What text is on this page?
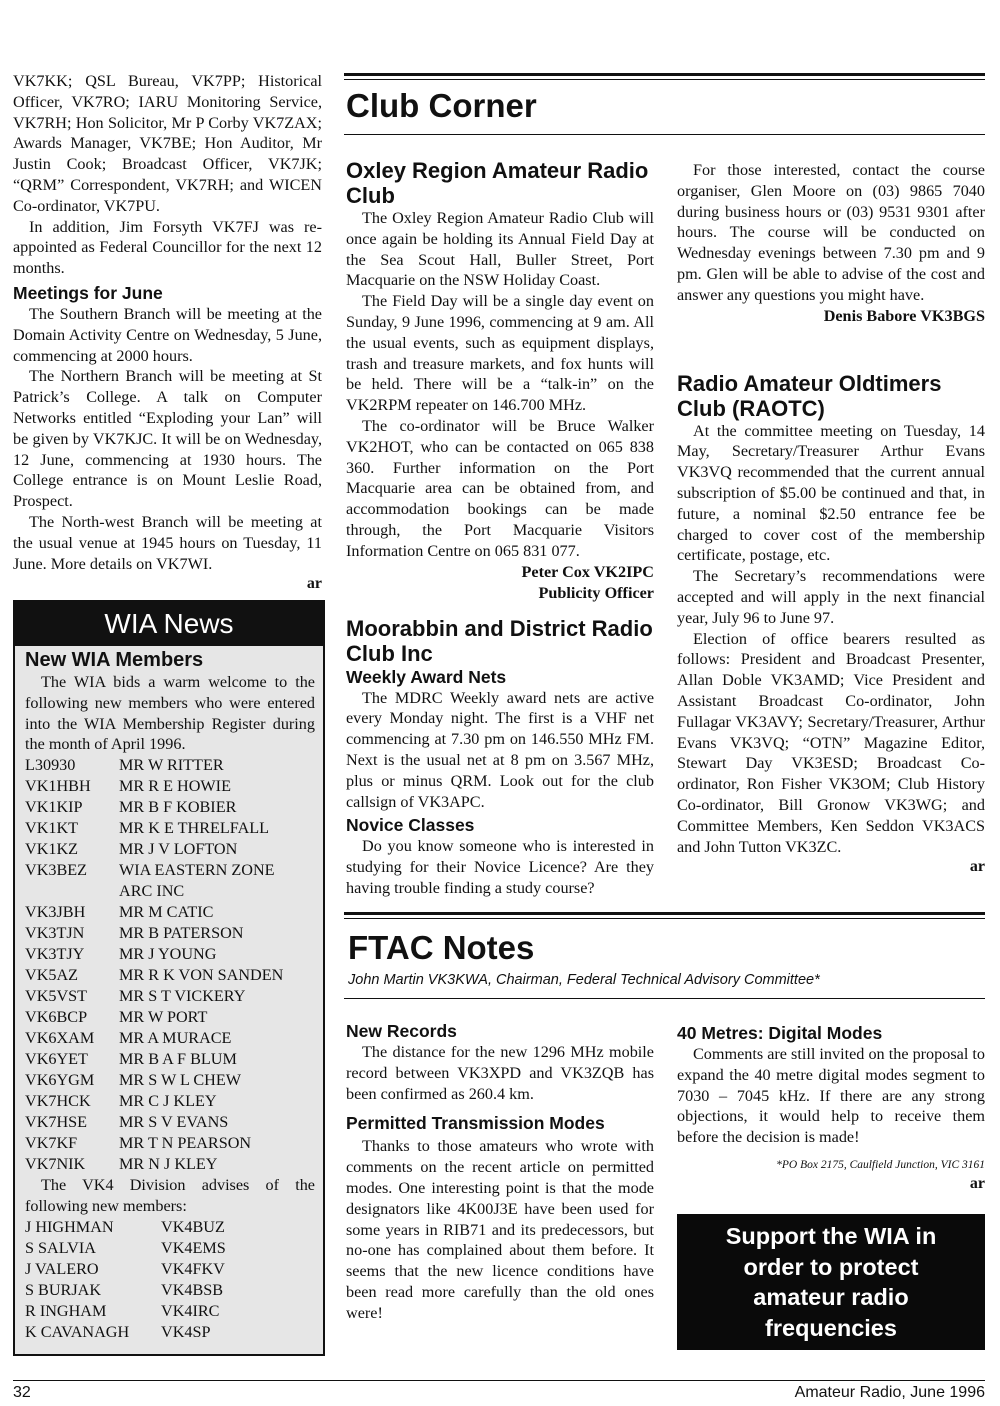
VK7KK; QSL Bureau, VK7PP; Historical Officer, VK7RO; IARU Monitoring Service, VK7RH; Hon Solicitor, Mr P Corby VK7ZAX; Awards Manager, VK7BE; Hon Auditor, Mr Justin Cook; Broadcast Officer, VK7JK; “QRM” Correspondent, VK7RH; and WICEN Co-ordinator, VK7PU.

In addition, Jim Forsyth VK7FJ was re-appointed as Federal Councillor for the next 12 months.

Meetings for June

The Southern Branch will be meeting at the Domain Activity Centre on Wednesday, 5 June, commencing at 2000 hours.

The Northern Branch will be meeting at St Patrick’s College. A talk on Computer Networks entitled “Exploding your Lan” will be given by VK7KJC. It will be on Wednesday, 12 June, commencing at 1930 hours. The College entrance is on Mount Leslie Road, Prospect.

The North-west Branch will be meeting at the usual venue at 1945 hours on Tuesday, 11 June. More details on VK7WI.

ar
WIA News
New WIA Members

The WIA bids a warm welcome to the following new members who were entered into the WIA Membership Register during the month of April 1996.

L30930	MR W RITTER
VK1HBH	MR R E HOWIE
VK1KIP	MR B F KOBIER
VK1KT	MR K E THRELFALL
VK1KZ	MR J V LOFTON
VK3BEZ	WIA EASTERN ZONE
ARC INC
VK3JBH	MR M CATIC
VK3TJN	MR B PATERSON
VK3TJY	MR J YOUNG
VK5AZ	MR R K VON SANDEN
VK5VST	MR S T VICKERY
VK6BCP	MR W PORT
VK6XAM	MR A MURACE
VK6YET	MR B A F BLUM
VK6YGM	MR S W L CHEW
VK7HCK	MR C J KLEY
VK7HSE	MR S V EVANS
VK7KF	MR T N PEARSON
VK7NIK	MR N J KLEY

The VK4 Division advises of the following new members:

J HIGHMAN	VK4BUZ
S SALVIA	VK4EMS
J VALERO	VK4FKV
S BURJAK	VK4BSB
R INGHAM	VK4IRC
K CAVANAGH	VK4SP
Club Corner
Oxley Region Amateur Radio Club

The Oxley Region Amateur Radio Club will once again be holding its Annual Field Day at the Sea Scout Hall, Buller Street, Port Macquarie on the NSW Holiday Coast.

The Field Day will be a single day event on Sunday, 9 June 1996, commencing at 9 am. All the usual events, such as equipment displays, trash and treasure markets, and fox hunts will be held. There will be a “talk-in” on the VK2RPM repeater on 146.700 MHz.

The co-ordinator will be Bruce Walker VK2HOT, who can be contacted on 065 838 360. Further information on the Port Macquarie area can be obtained from, and accommodation bookings can be made through, the Port Macquarie Visitors Information Centre on 065 831 077.

Peter Cox VK2IPC
Publicity Officer
Moorabbin and District Radio Club Inc
Weekly Award Nets

The MDRC Weekly award nets are active every Monday night. The first is a VHF net commencing at 7.30 pm on 146.550 MHz FM. Next is the usual net at 8 pm on 3.567 MHz, plus or minus QRM. Look out for the club callsign of VK3APC.

Novice Classes

Do you know someone who is interested in studying for their Novice Licence? Are they having trouble finding a study course?

For those interested, contact the course organiser, Glen Moore on (03) 9865 7040 during business hours or (03) 9531 9301 after hours. The course will be conducted on Wednesday evenings between 7.30 pm and 9 pm. Glen will be able to advise of the cost and answer any questions you might have.

Denis Babore VK3BGS
Radio Amateur Oldtimers Club (RAOTC)

At the committee meeting on Tuesday, 14 May, Secretary/Treasurer Arthur Evans VK3VQ recommended that the current annual subscription of $5.00 be continued and that, in future, a nominal $2.50 entrance fee be charged to cover cost of the membership certificate, postage, etc.

The Secretary’s recommendations were accepted and will apply in the next financial year, July 96 to June 97.

Election of office bearers resulted as follows: President and Broadcast Presenter, Allan Doble VK3AMD; Vice President and Assistant Broadcast Co-ordinator, John Fullagar VK3AVY; Secretary/Treasurer, Arthur Evans VK3VQ; “OTN” Magazine Editor, Stewart Day VK3ESD; Broadcast Co-ordinator, Ron Fisher VK3OM; Club History Co-ordinator, Bill Gronow VK3WG; and Committee Members, Ken Seddon VK3ACS and John Tutton VK3ZC.

ar
FTAC Notes
John Martin VK3KWA, Chairman, Federal Technical Advisory Committee*
New Records

The distance for the new 1296 MHz mobile record between VK3XPD and VK3ZQB has been confirmed as 260.4 km.

Permitted Transmission Modes

Thanks to those amateurs who wrote with comments on the recent article on permitted modes. One interesting point is that the mode designators like 4K00J3E have been used for some years in RIB71 and its predecessors, but no-one has complained about them before. It seems that the new licence conditions have been read more carefully than the old ones were!

40 Metres: Digital Modes

Comments are still invited on the proposal to expand the 40 metre digital modes segment to 7030 – 7045 kHz. If there are any strong objections, it would help to receive them before the decision is made!

*PO Box 2175, Caulfield Junction, VIC 3161
ar
Support the WIA in order to protect amateur radio frequencies
32	Amateur Radio, June 1996
